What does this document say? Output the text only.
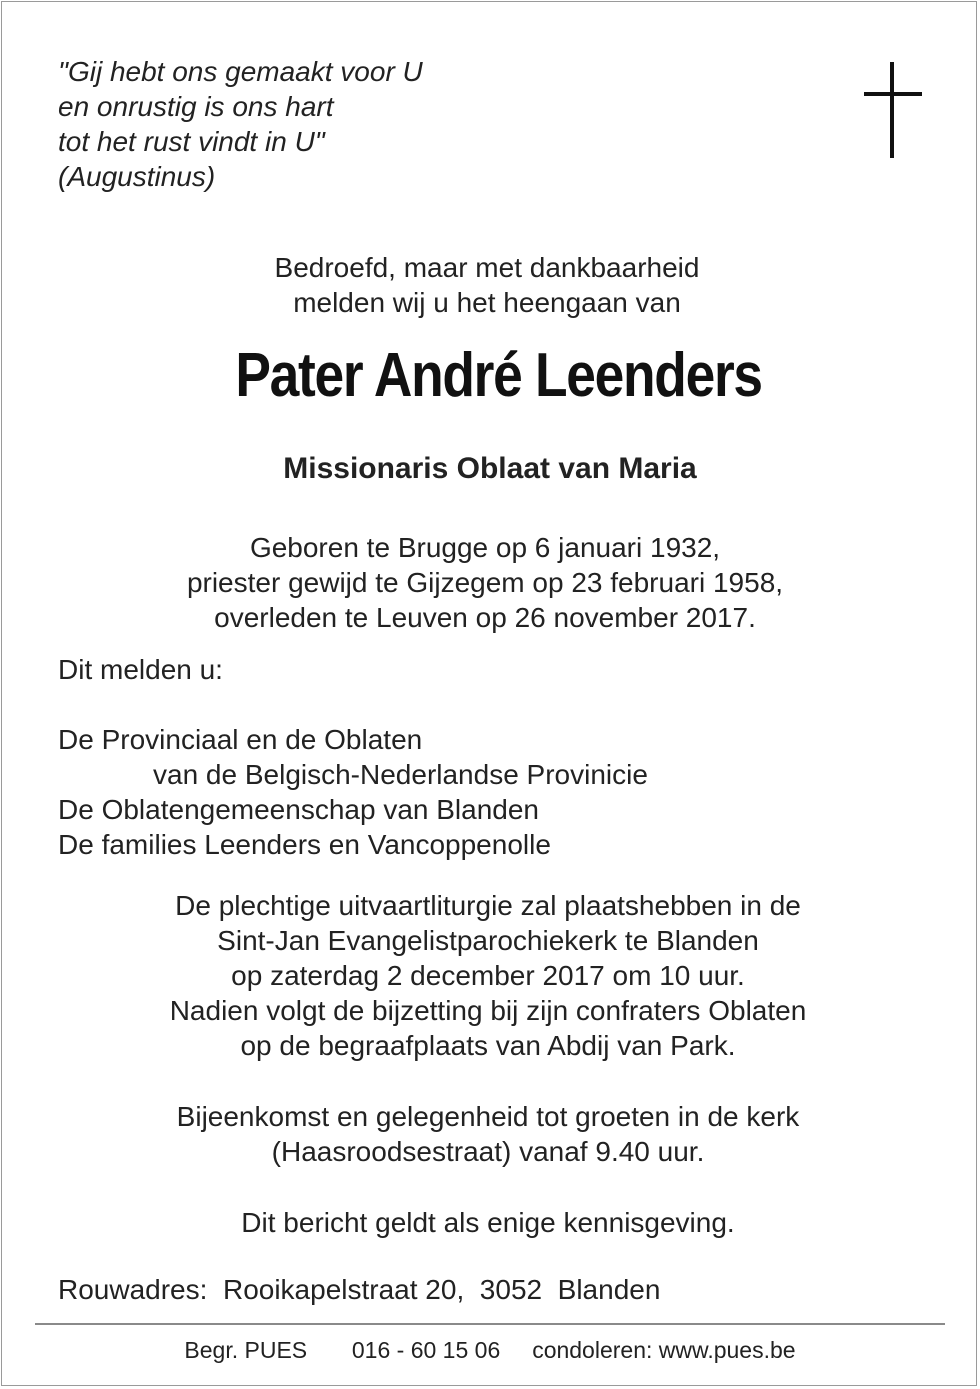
"Gij hebt ons gemaakt voor U
en onrustig is ons hart
tot het rust vindt in U"
(Augustinus)
Bedroefd, maar met dankbaarheid
melden wij u het heengaan van
Pater André Leenders
Missionaris Oblaat van Maria
Geboren te Brugge op 6 januari 1932,
priester gewijd te Gijzegem op 23 februari 1958,
overleden te Leuven op 26 november 2017.
Dit melden u:
De Provinciaal en de Oblaten
van de Belgisch-Nederlandse Provinicie
De Oblatengemeenschap van Blanden
De families Leenders en Vancoppenolle
De plechtige uitvaartliturgie zal plaatshebben in de
Sint-Jan Evangelistparochiekerk te Blanden
op zaterdag 2 december 2017 om 10 uur.
Nadien volgt de bijzetting bij zijn confraters Oblaten
op de begraafplaats van Abdij van Park.
Bijeenkomst en gelegenheid tot groeten in de kerk
(Haasroodsestraat) vanaf 9.40 uur.
Dit bericht geldt als enige kennisgeving.
Rouwadres: Rooikapelstraat 20, 3052 Blanden
Begr. PUES 016 - 60 15 06 condoleren: www.pues.be
